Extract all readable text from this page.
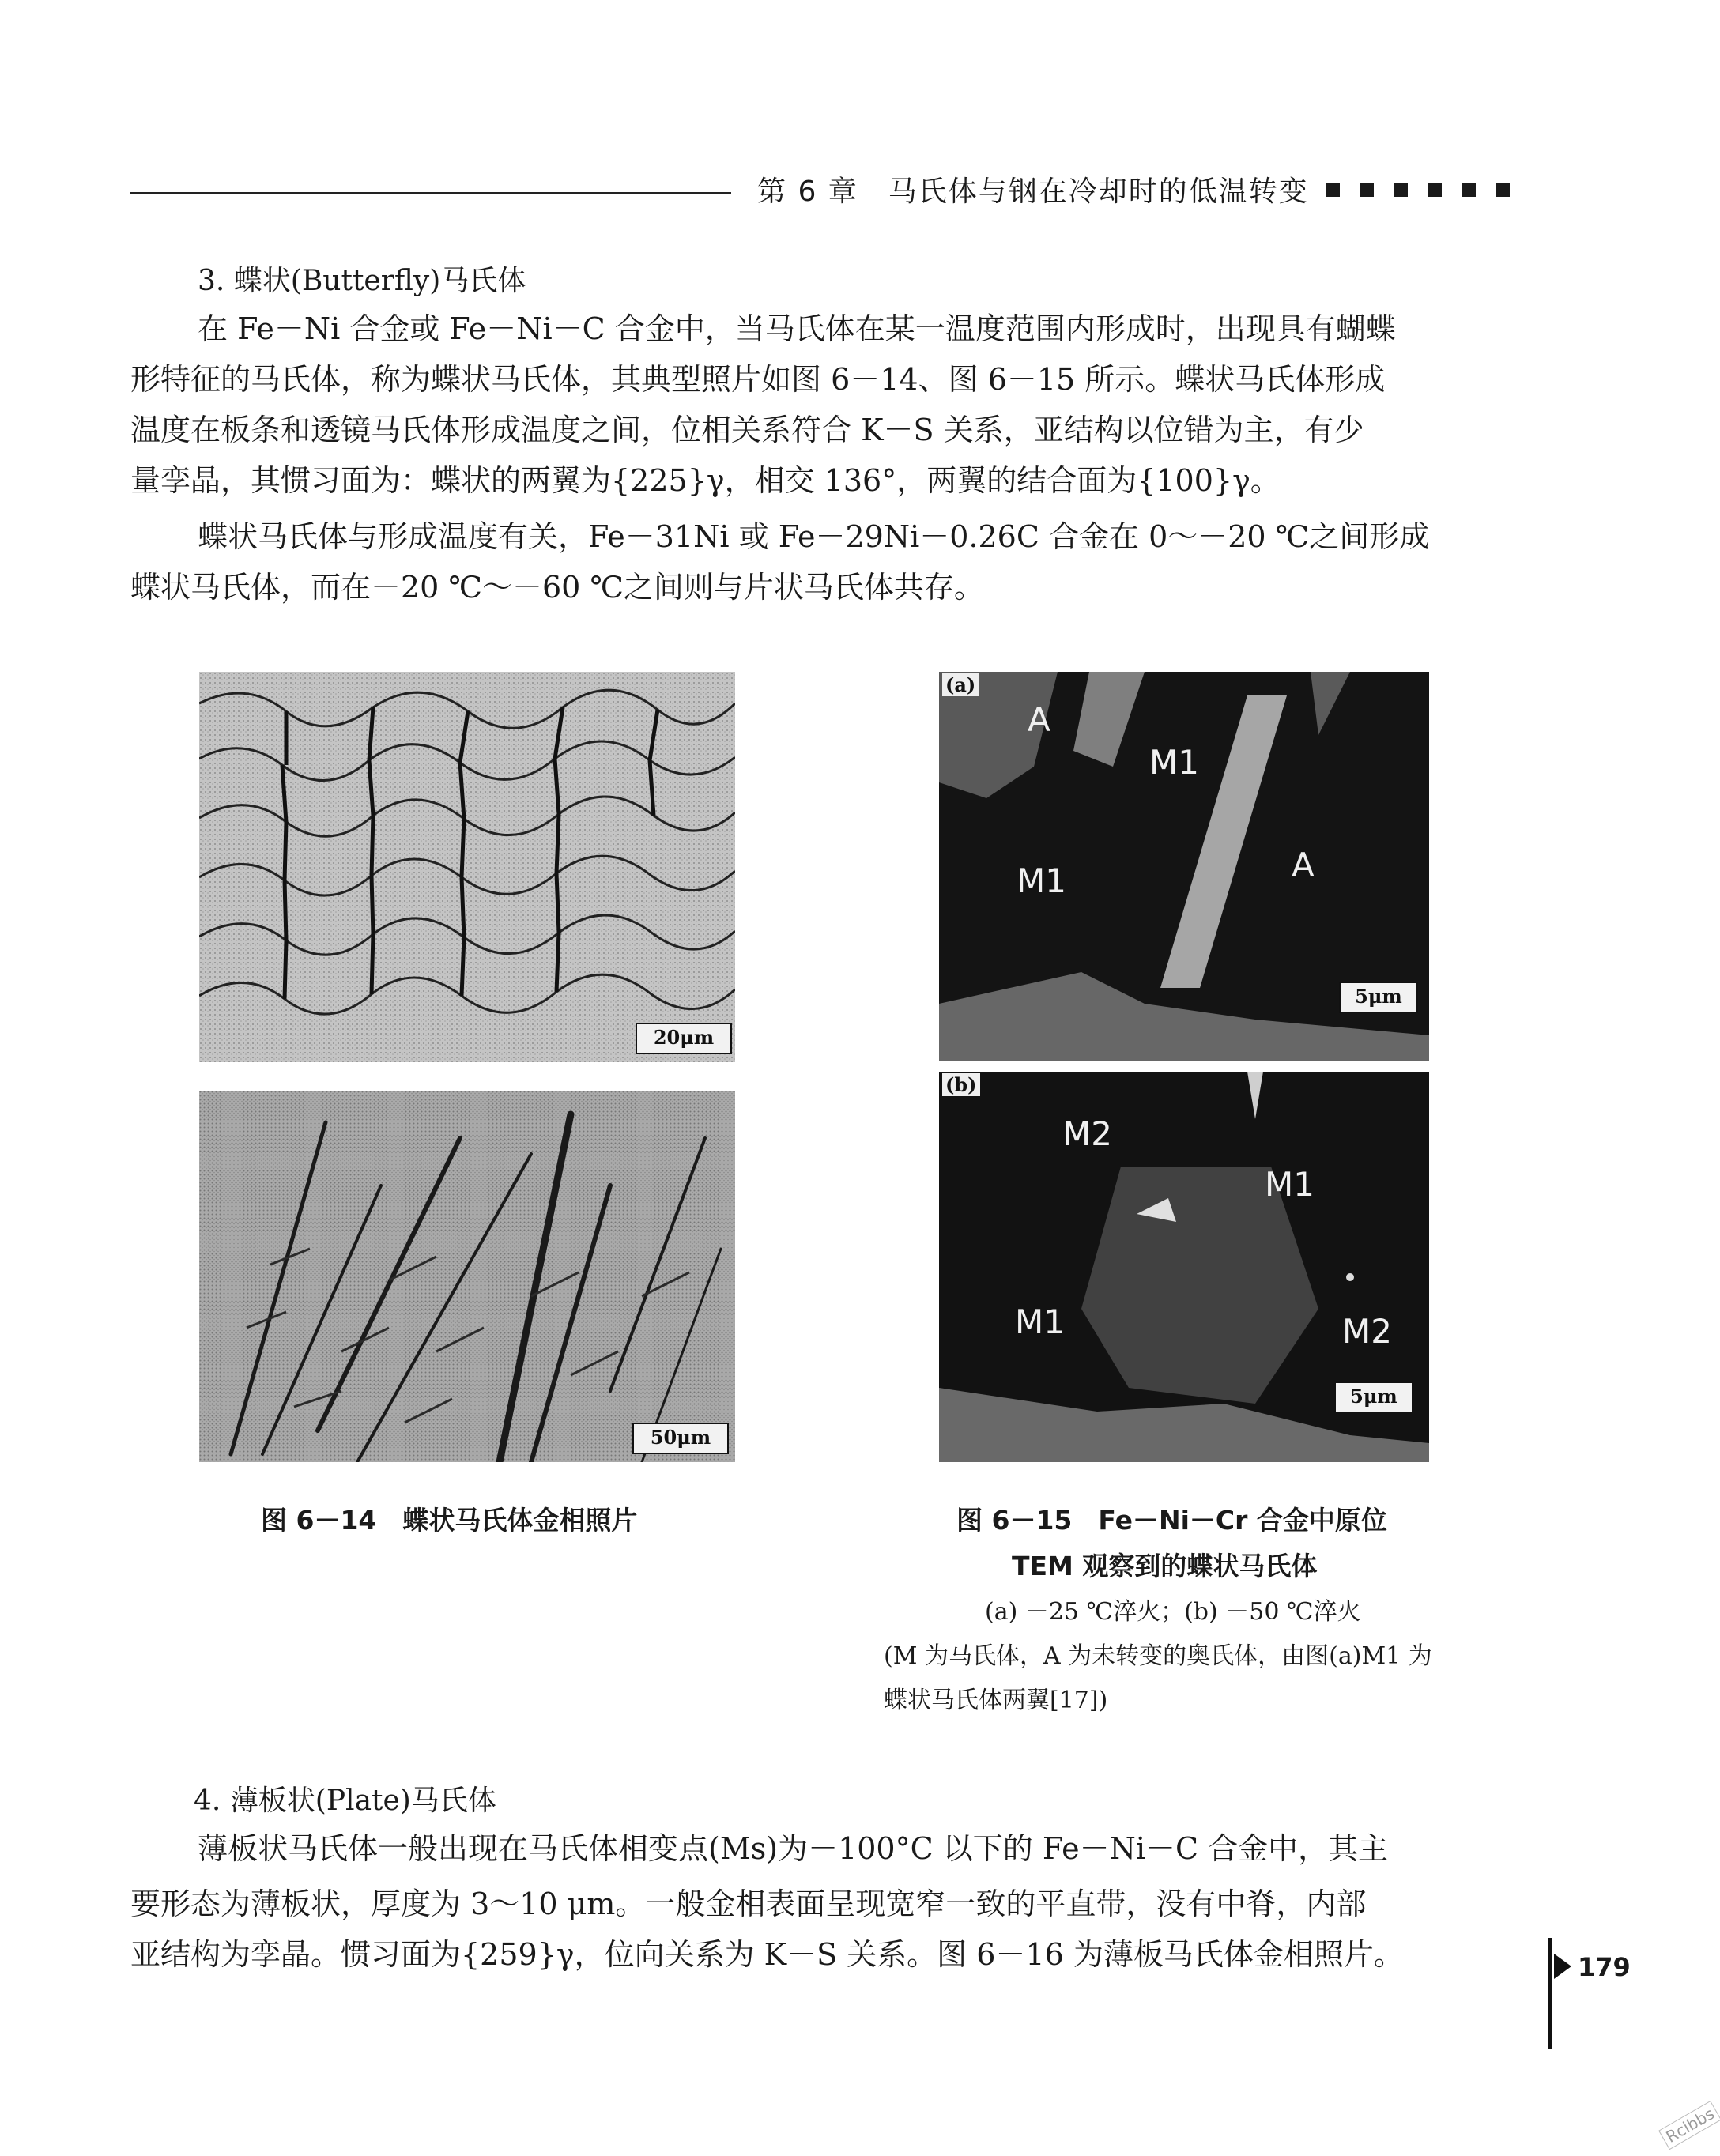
第 6 章　马氏体与钢在冷却时的低温转变
3. 蝶状(Butterfly)马氏体
在 Fe－Ni 合金或 Fe－Ni－C 合金中，当马氏体在某一温度范围内形成时，出现具有蝴蝶
形特征的马氏体，称为蝶状马氏体，其典型照片如图 6－14、图 6－15 所示。蝶状马氏体形成
温度在板条和透镜马氏体形成温度之间，位相关系符合 K－S 关系，亚结构以位错为主，有少
量孪晶，其惯习面为：蝶状的两翼为{225}γ，相交 136°，两翼的结合面为{100}γ。
蝶状马氏体与形成温度有关，Fe－31Ni 或 Fe－29Ni－0.26C 合金在 0～－20 ℃之间形成
蝶状马氏体，而在－20 ℃～－60 ℃之间则与片状马氏体共存。
20μm
50μm
图 6－14　蝶状马氏体金相照片
(a)
A
M1
M1	A
5μm
(b)
M2
M1
M1	M2
5μm
图 6－15　Fe－Ni－Cr 合金中原位
TEM 观察到的蝶状马氏体
(a) －25 ℃淬火；(b) －50 ℃淬火
(M 为马氏体，A 为未转变的奥氏体，由图(a)M1 为
蝶状马氏体两翼[17])
4. 薄板状(Plate)马氏体
薄板状马氏体一般出现在马氏体相变点(Ms)为－100°C 以下的 Fe－Ni－C 合金中，其主
要形态为薄板状，厚度为 3～10 μm。一般金相表面呈现宽窄一致的平直带，没有中脊，内部
亚结构为孪晶。惯习面为{259}γ，位向关系为 K－S 关系。图 6－16 为薄板马氏体金相照片。	179
Rcibbs
